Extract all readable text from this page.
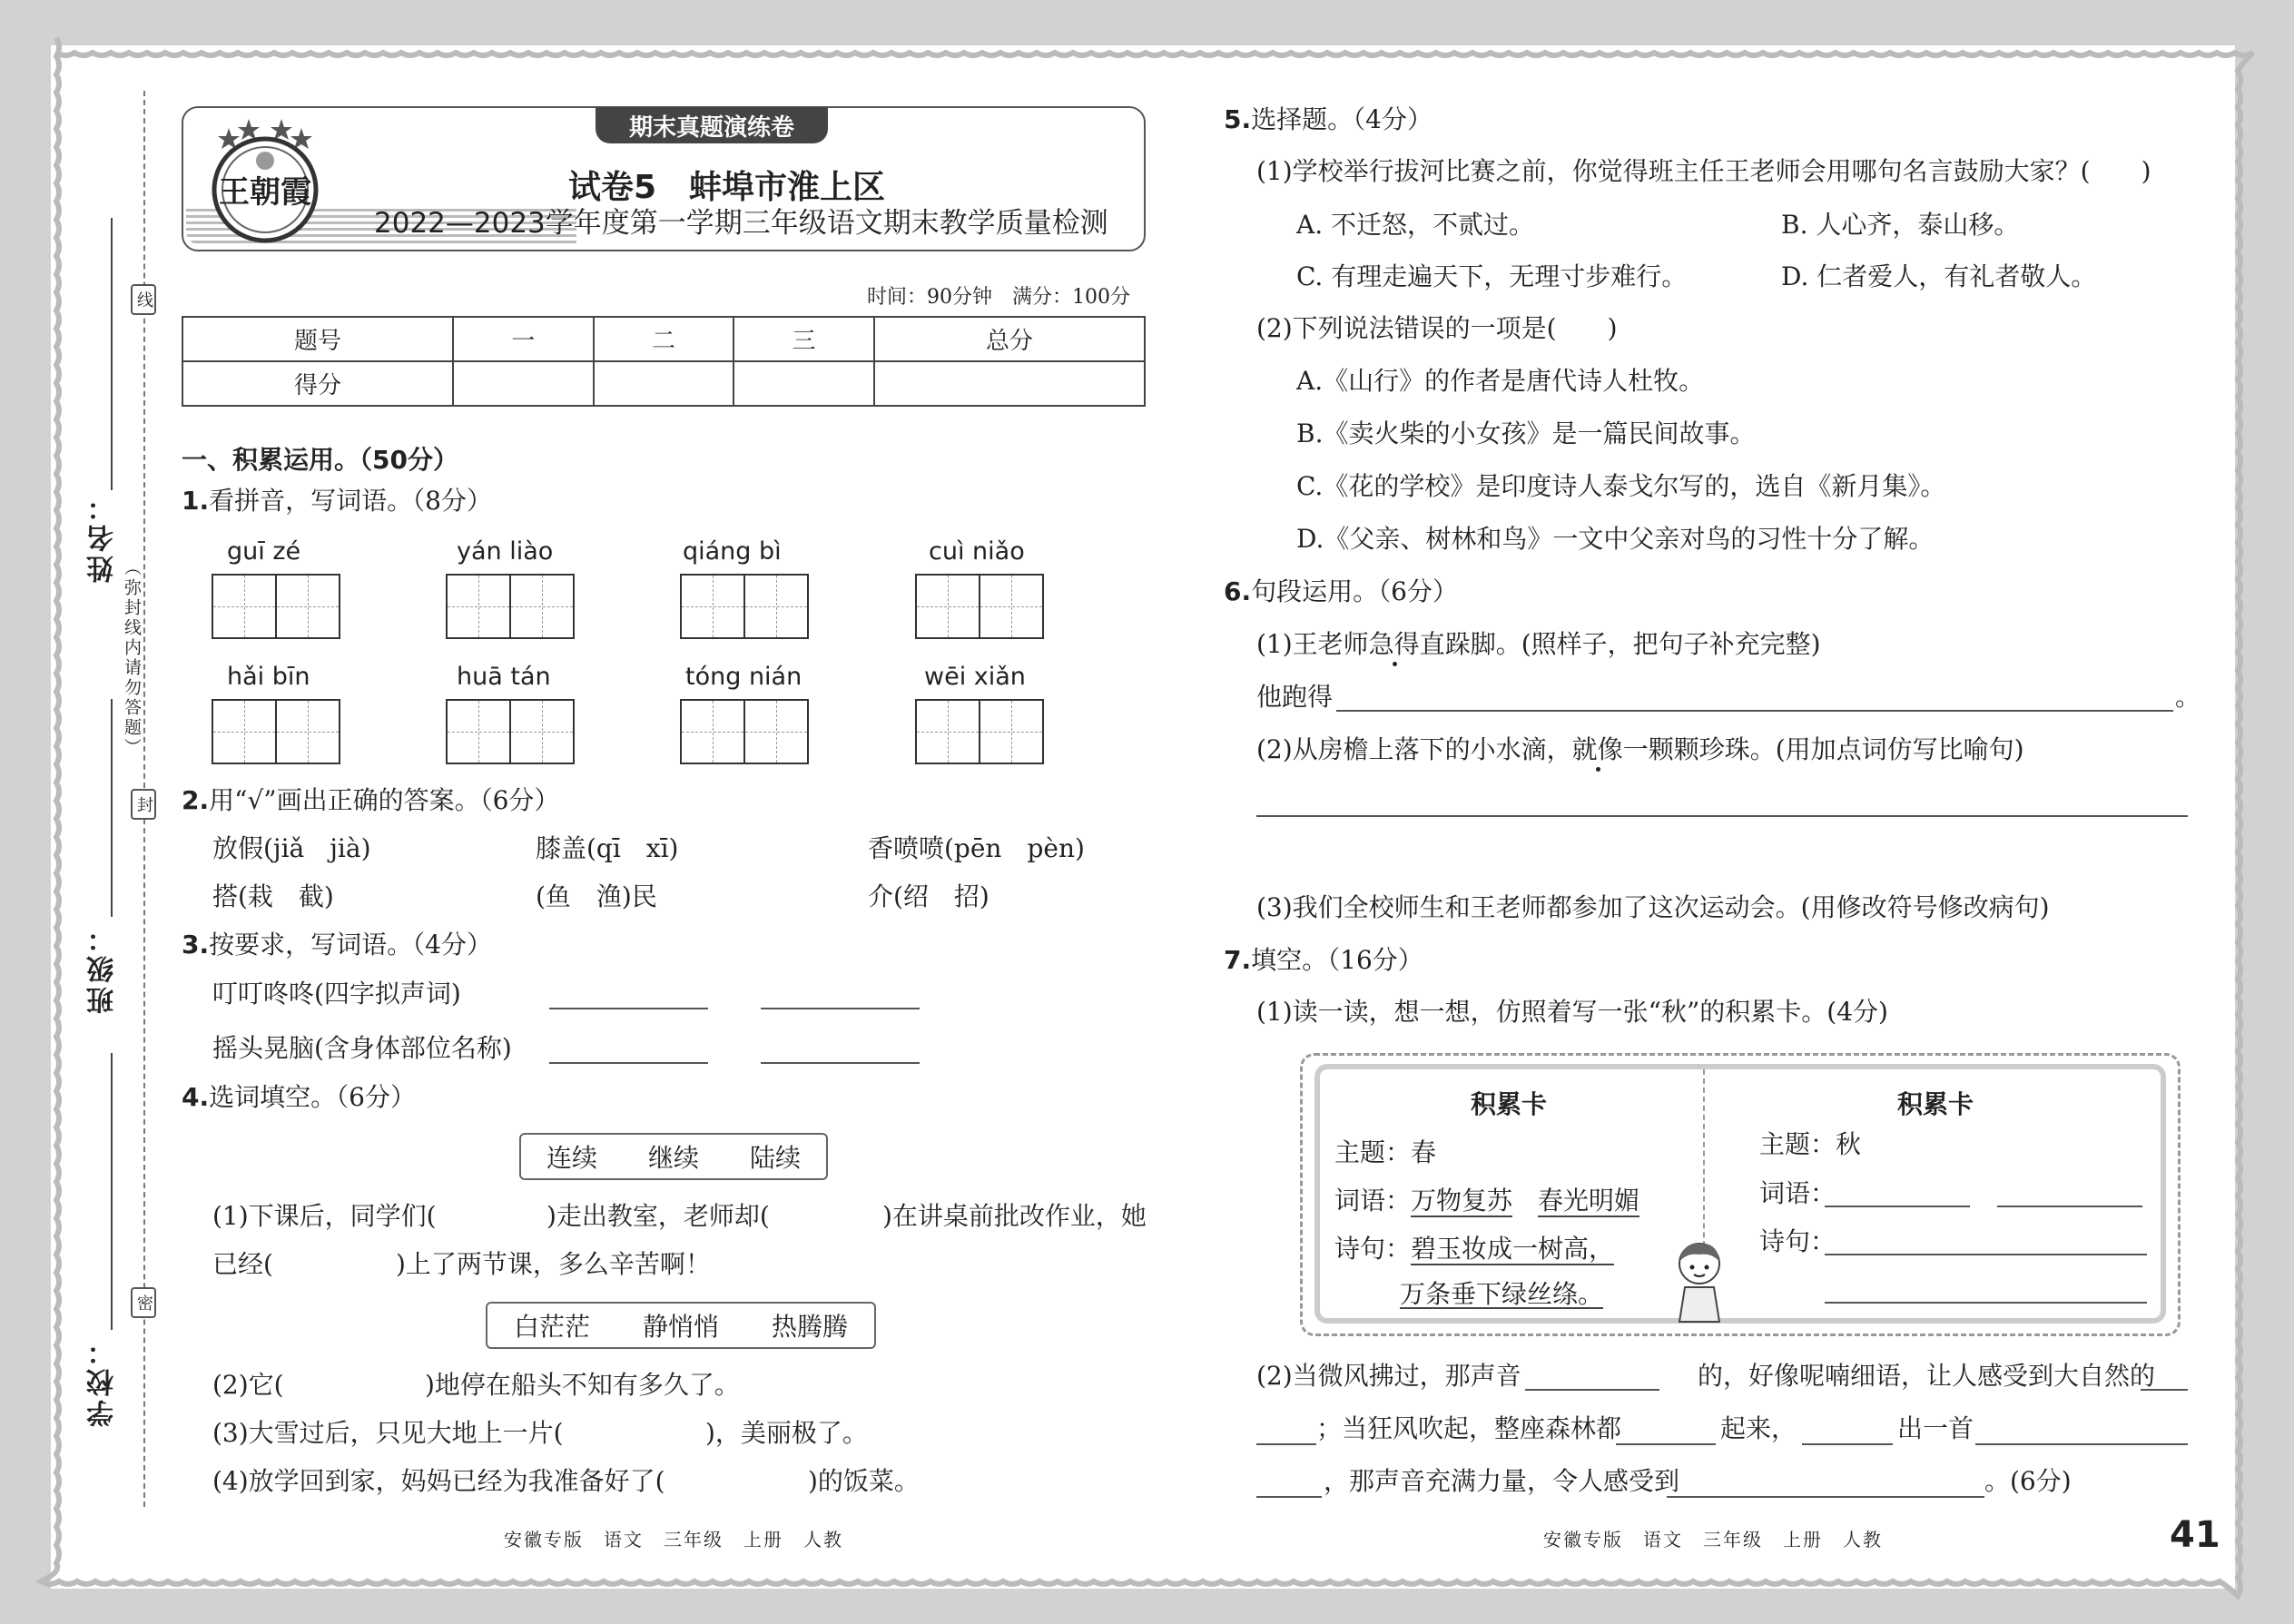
线
封
密
（弥封线内请勿答题）
姓名：
班级：
学校：
期末真题演练卷
王朝霞	试卷5　蚌埠市淮上区
2022—2023学年度第一学期三年级语文期末教学质量检测
时间：90分钟　满分：100分
题号	一	二	三	总分
得分				
一、积累运用。（50分）
1.看拼音，写词语。（8分）
guī zé	yán liào	qiáng bì	cuì niǎo
hǎi bīn	huā tán	tóng nián	wēi xiǎn
2.用“√”画出正确的答案。（6分）
放假(jiǎ　jià)	膝盖(qī　xī)	香喷喷(pēn　pèn)
搭(栽　截)	(鱼　渔)民	介(绍　招)
3.按要求，写词语。（4分）
叮叮咚咚(四字拟声词)
摇头晃脑(含身体部位名称)
4.选词填空。（6分）
连续 继续 陆续
(1)下课后，同学们(	)走出教室，老师却(	)在讲桌前批改作业，她
已经(	)上了两节课，多么辛苦啊！
白茫茫 静悄悄 热腾腾
(2)它(	)地停在船头不知有多久了。
(3)大雪过后，只见大地上一片(	)，美丽极了。
(4)放学回到家，妈妈已经为我准备好了(	)的饭菜。
安徽专版　语文　三年级　上册　人教
5.选择题。（4分）
(1)学校举行拔河比赛之前，你觉得班主任王老师会用哪句名言鼓励大家？(　　)
A. 不迁怒，不贰过。	B. 人心齐，泰山移。
C. 有理走遍天下，无理寸步难行。	D. 仁者爱人，有礼者敬人。
(2)下列说法错误的一项是(　　)
A.《山行》的作者是唐代诗人杜牧。
B.《卖火柴的小女孩》是一篇民间故事。
C.《花的学校》是印度诗人泰戈尔写的，选自《新月集》。
D.《父亲、树林和鸟》一文中父亲对鸟的习性十分了解。
6.句段运用。（6分）
(1)王老师急得直跺脚。(照样子，把句子补充完整)
他跑得	。
(2)从房檐上落下的小水滴，就像一颗颗珍珠。(用加点词仿写比喻句)
(3)我们全校师生和王老师都参加了这次运动会。(用修改符号修改病句)
7.填空。（16分）
(1)读一读，想一想，仿照着写一张“秋”的积累卡。(4分)
积累卡
主题：春
词语：万物复苏　 春光明媚
诗句：碧玉妆成一树高，
万条垂下绿丝绦。
积累卡
主题：秋
词语：
诗句：
(2)当微风拂过，那声音	的，好像呢喃细语，让人感受到大自然的
；当狂风吹起，整座森林都	起来，	出一首
，那声音充满力量，令人感受到	。(6分)
安徽专版　语文　三年级　上册　人教	41
